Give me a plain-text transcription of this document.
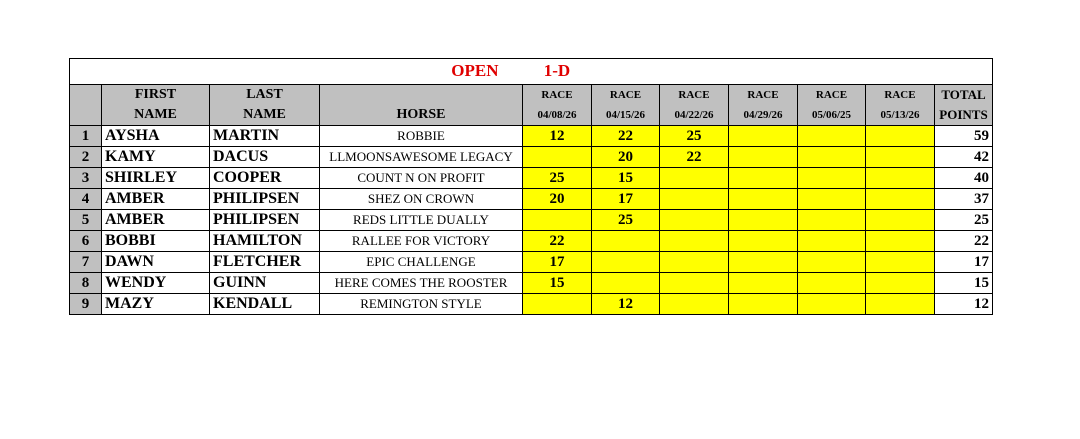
			OPEN	1-D						
	FIRST	LAST		RACE	RACE	RACE	RACE	RACE	RACE	TOTAL
	NAME	NAME	HORSE	04/08/26	04/15/26	04/22/26	04/29/26	05/06/25	05/13/26	POINTS
1	AYSHA	MARTIN	ROBBIE	12	22	25				59
2	KAMY	DACUS	LLMOONSAWESOME LEGACY		20	22				42
3	SHIRLEY	COOPER	COUNT N ON PROFIT	25	15					40
4	AMBER	PHILIPSEN	SHEZ ON CROWN	20	17					37
5	AMBER	PHILIPSEN	REDS LITTLE DUALLY		25					25
6	BOBBI	HAMILTON	RALLEE FOR VICTORY	22						22
7	DAWN	FLETCHER	EPIC CHALLENGE	17						17
8	WENDY	GUINN	HERE COMES THE ROOSTER	15						15
9	MAZY	KENDALL	REMINGTON STYLE		12					12
